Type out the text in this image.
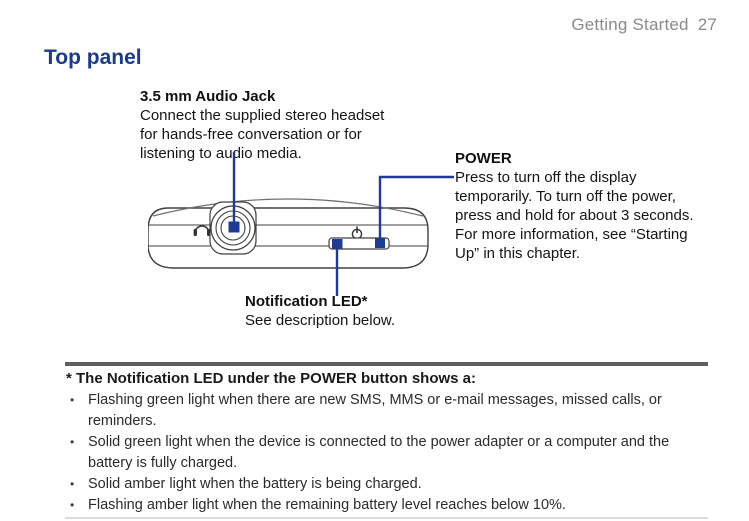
Getting Started 27
Top panel
3.5 mm Audio Jack
Connect the supplied stereo headset
for hands-free conversation or for
listening to audio media.	POWER
Press to turn off the display
temporarily. To turn off the power,
press and hold for about 3 seconds.
For more information, see “Starting
Up” in this chapter.
Notification LED*
See description below.
* The Notification LED under the POWER button shows a:
• Flashing green light when there are new SMS, MMS or e-mail messages, missed calls, or
reminders.
• Solid green light when the device is connected to the power adapter or a computer and the
battery is fully charged.
• Solid amber light when the battery is being charged.
• Flashing amber light when the remaining battery level reaches below 10%.
